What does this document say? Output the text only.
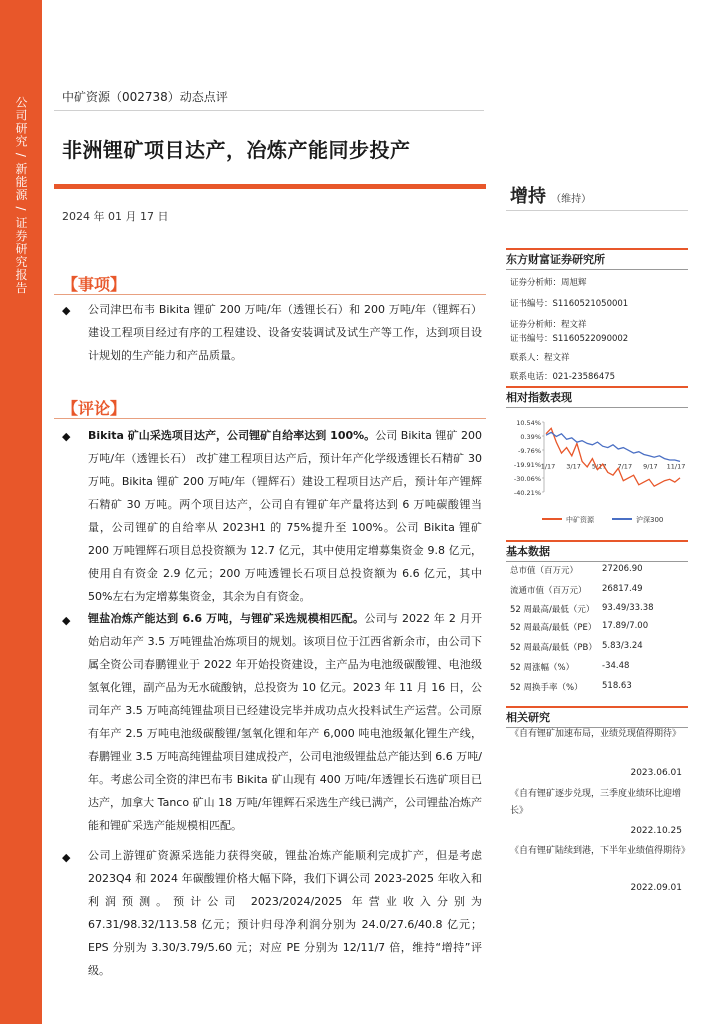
公司研究 / 新能源 / 证券研究报告	中矿资源（002738）动态点评
非洲锂矿项目达产，冶炼产能同步投产
2024 年 01 月 17 日
【事项】
◆ 公司津巴布韦 Bikita 锂矿 200 万吨/年（透锂长石）和 200 万吨/年（锂辉石）建设工程项目经过有序的工程建设、设备安装调试及试生产等工作，达到项目设计规划的生产能力和产品质量。
【评论】
◆ Bikita 矿山采选项目达产，公司锂矿自给率达到 100%。公司 Bikita 锂矿 200 万吨/年（透锂长石） 改扩建工程项目达产后，预计年产化学级透锂长石精矿 30 万吨。Bikita 锂矿 200 万吨/年（锂辉石）建设工程项目达产后，预计年产锂辉石精矿 30 万吨。两个项目达产，公司自有锂矿年产量将达到 6 万吨碳酸锂当量，公司锂矿的自给率从 2023H1 的 75%提升至 100%。公司 Bikita 锂矿 200 万吨锂辉石项目总投资额为 12.7 亿元，其中使用定增募集资金 9.8 亿元，使用自有资金 2.9 亿元；200 万吨透锂长石项目总投资额为 6.6 亿元，其中 50%左右为定增募集资金，其余为自有资金。
◆ 锂盐冶炼产能达到 6.6 万吨，与锂矿采选规模相匹配。公司与 2022 年 2 月开始启动年产 3.5 万吨锂盐冶炼项目的规划。该项目位于江西省新余市，由公司下属全资公司春鹏锂业于 2022 年开始投资建设，主产品为电池级碳酸锂、电池级氢氧化锂，副产品为无水硫酸钠，总投资为 10 亿元。2023 年 11 月 16 日，公司年产 3.5 万吨高纯锂盐项目已经建设完毕并成功点火投料试生产运营。公司原有年产 2.5 万吨电池级碳酸锂/氢氧化锂和年产 6,000 吨电池级氟化锂生产线，春鹏锂业 3.5 万吨高纯锂盐项目建成投产，公司电池级锂盐总产能达到 6.6 万吨/年。考虑公司全资的津巴布韦 Bikita 矿山现有 400 万吨/年透锂长石选矿项目已达产，加拿大 Tanco 矿山 18 万吨/年锂辉石采选生产线已满产，公司锂盐冶炼产能和锂矿采选产能规模相匹配。
◆ 公司上游锂矿资源采选能力获得突破，锂盐冶炼产能顺利完成扩产，但是考虑 2023Q4 和 2024 年碳酸锂价格大幅下降，我们下调公司 2023-2025 年收入和利润预测。预计公司 2023/2024/2025 年营业收入分别为 67.31/98.32/113.58 亿元；预计归母净利润分别为 24.0/27.6/40.8 亿元；EPS 分别为 3.30/3.79/5.60 元；对应 PE 分别为 12/11/7 倍，维持“增持”评级。
增持 （维持）
东方财富证券研究所
证券分析师：周旭辉
证书编号：S1160521050001
证券分析师：程文祥
证书编号：S1160522090002
联系人：程文祥
联系电话：021-23586475
相对指数表现
10.54%
0.39%
-9.76%
-19.91%
-30.06%
-40.21%
1/17 3/17 5/17 7/17 9/17 11/17
中矿资源	沪深300
基本数据
总市值（百万元）	27206.90
流通市值（百万元） 26817.49
52 周最高/最低（元） 93.49/33.38
52 周最高/最低（PE） 17.89/7.00
52 周最高/最低（PB） 5.83/3.24
52 周涨幅（%）	-34.48
52 周换手率（%） 518.63
相关研究
《自有锂矿加速布局，业绩兑现值得期待》
2023.06.01
《自有锂矿逐步兑现，三季度业绩环比迎增长》
2022.10.25
《自有锂矿陆续到港，下半年业绩值得期待》
2022.09.01
